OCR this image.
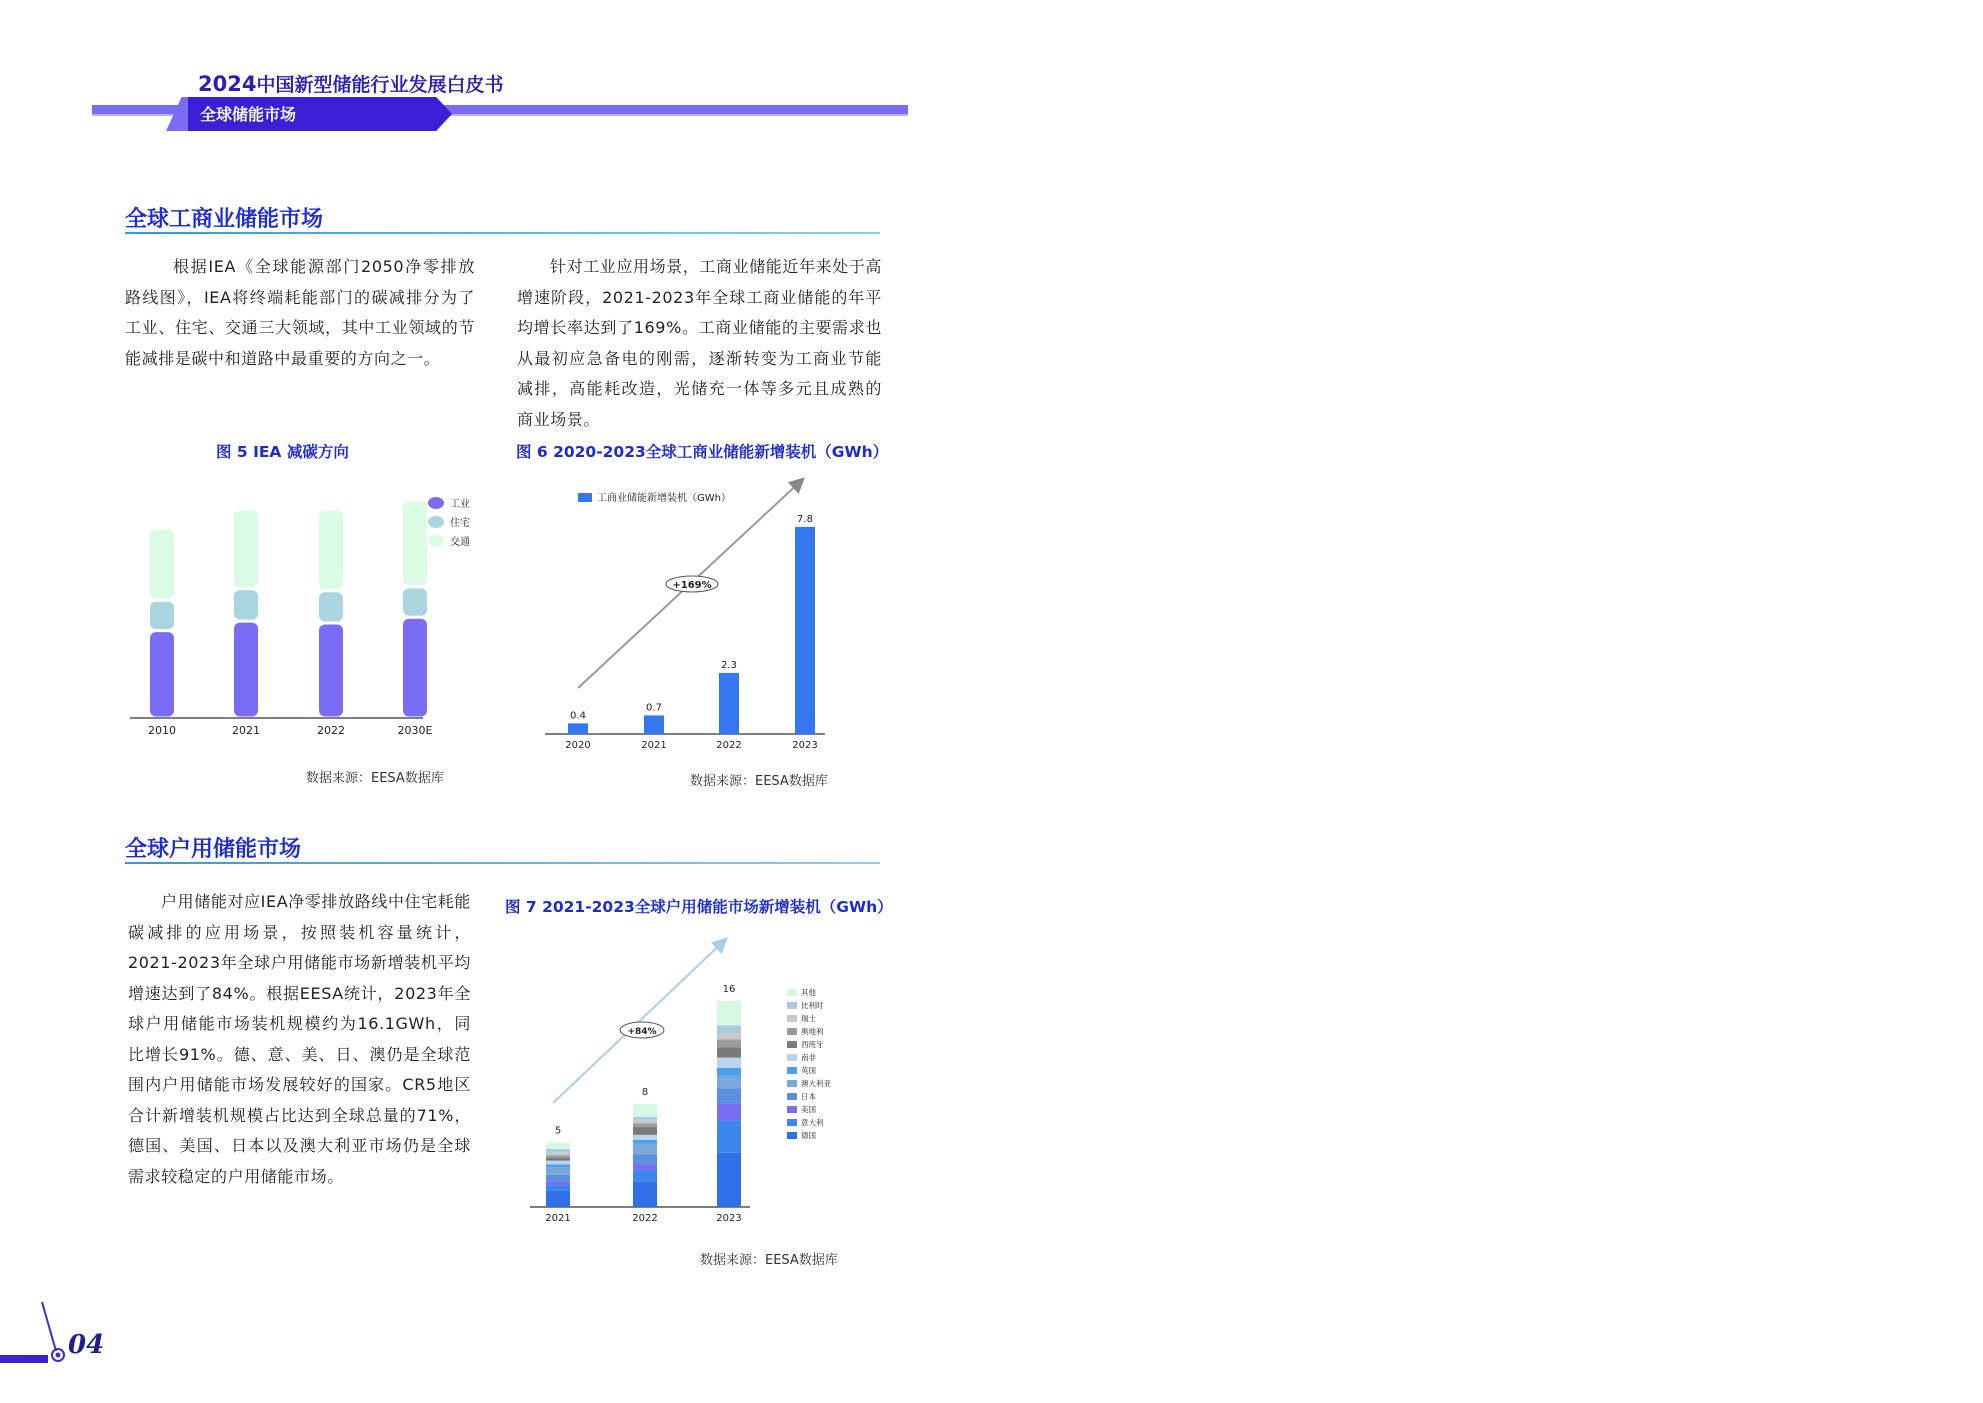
2024中国新型储能行业发展白皮书
全球储能市场
全球工商业储能市场
根据IEA《全球能源部门2050净零排放路线图》，IEA将终端耗能部门的碳减排分为了工业、住宅、交通三大领域，其中工业领域的节能减排是碳中和道路中最重要的方向之一。
针对工业应用场景，工商业储能近年来处于高增速阶段，2021-2023年全球工商业储能的年平均增长率达到了169%。工商业储能的主要需求也从最初应急备电的刚需，逐渐转变为工商业节能减排，高能耗改造，光储充一体等多元且成熟的商业场景。
图 5 IEA 减碳方向
2010	2021	2022	2030E
工业
住宅
交通
数据来源：EESA数据库
图 6 2020-2023全球工商业储能新增装机（GWh）
0.4
2020
0.7
2021
2.3
2022
7.8
2023
+169%
工商业储能新增装机（GWh）
数据来源：EESA数据库
全球户用储能市场
户用储能对应IEA净零排放路线中住宅耗能碳减排的应用场景，按照装机容量统计，2021-2023年全球户用储能市场新增装机平均增速达到了84%。根据EESA统计，2023年全球户用储能市场装机规模约为16.1GWh，同比增长91%。德、意、美、日、澳仍是全球范围内户用储能市场发展较好的国家。CR5地区合计新增装机规模占比达到全球总量的71%，德国、美国、日本以及澳大利亚市场仍是全球需求较稳定的户用储能市场。
图 7 2021-2023全球户用储能市场新增装机（GWh）
5
2021
8
2022
16
2023
+84%
其他
比利时
瑞士
奥地利
西班牙
南非
英国
澳大利亚
日本
美国
意大利
德国
数据来源：EESA数据库
04
